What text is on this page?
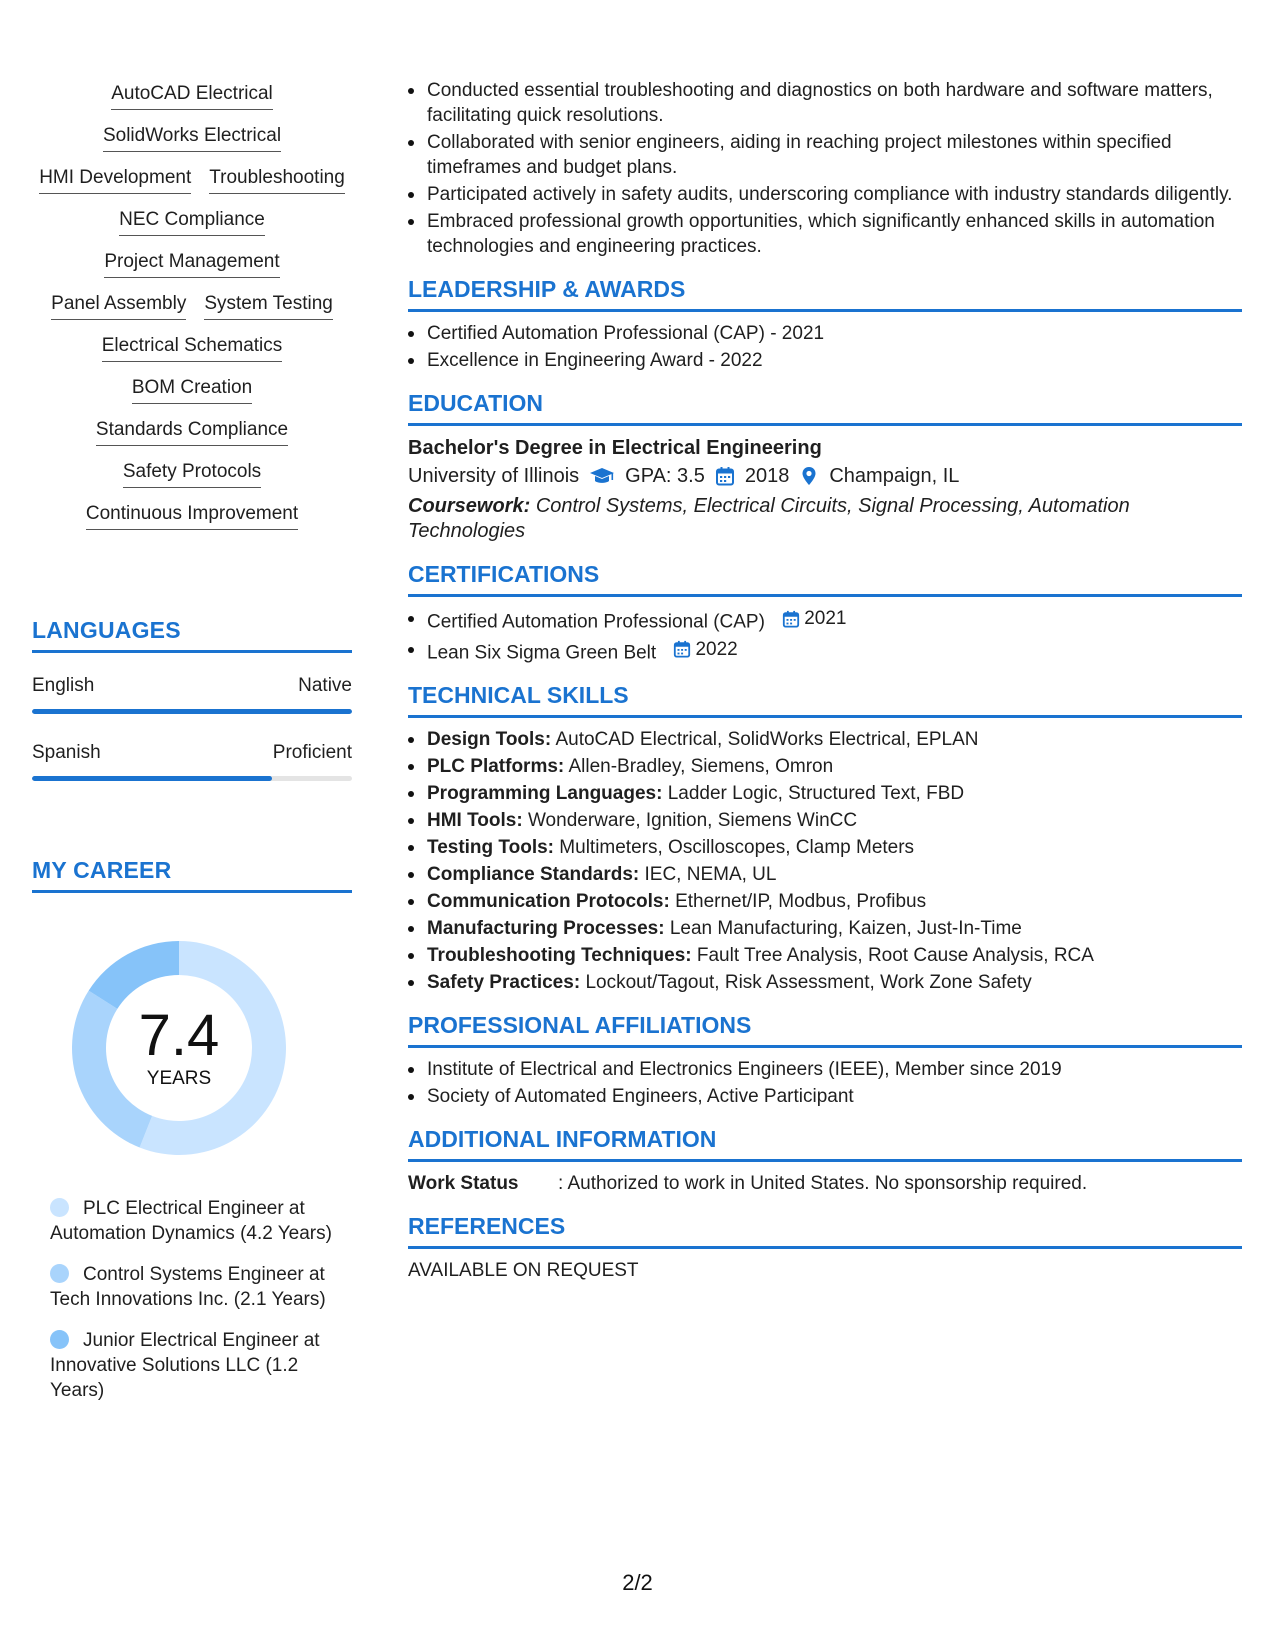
AutoCAD Electrical
SolidWorks Electrical
HMI Development Troubleshooting
NEC Compliance
Project Management
Panel Assembly System Testing
Electrical Schematics
BOM Creation
Standards Compliance
Safety Protocols
Continuous Improvement
LANGUAGES
English	Native
Spanish	Proficient
MY CAREER
7.4
YEARS
PLC Electrical Engineer at Automation Dynamics (4.2 Years)
Control Systems Engineer at Tech Innovations Inc. (2.1 Years)
Junior Electrical Engineer at Innovative Solutions LLC (1.2 Years)
Conducted essential troubleshooting and diagnostics on both hardware and software matters, facilitating quick resolutions.
Collaborated with senior engineers, aiding in reaching project milestones within specified timeframes and budget plans.
Participated actively in safety audits, underscoring compliance with industry standards diligently.
Embraced professional growth opportunities, which significantly enhanced skills in automation technologies and engineering practices.
LEADERSHIP & AWARDS
Certified Automation Professional (CAP) - 2021
Excellence in Engineering Award - 2022
EDUCATION
Bachelor's Degree in Electrical Engineering
University of Illinois GPA: 3.5 2018 Champaign, IL
Coursework: Control Systems, Electrical Circuits, Signal Processing, Automation Technologies
CERTIFICATIONS
Certified Automation Professional (CAP) 2021
Lean Six Sigma Green Belt 2022
TECHNICAL SKILLS
Design Tools: AutoCAD Electrical, SolidWorks Electrical, EPLAN
PLC Platforms: Allen-Bradley, Siemens, Omron
Programming Languages: Ladder Logic, Structured Text, FBD
HMI Tools: Wonderware, Ignition, Siemens WinCC
Testing Tools: Multimeters, Oscilloscopes, Clamp Meters
Compliance Standards: IEC, NEMA, UL
Communication Protocols: Ethernet/IP, Modbus, Profibus
Manufacturing Processes: Lean Manufacturing, Kaizen, Just-In-Time
Troubleshooting Techniques: Fault Tree Analysis, Root Cause Analysis, RCA
Safety Practices: Lockout/Tagout, Risk Assessment, Work Zone Safety
PROFESSIONAL AFFILIATIONS
Institute of Electrical and Electronics Engineers (IEEE), Member since 2019
Society of Automated Engineers, Active Participant
ADDITIONAL INFORMATION
Work Status	: Authorized to work in United States. No sponsorship required.
REFERENCES
AVAILABLE ON REQUEST
2/2
